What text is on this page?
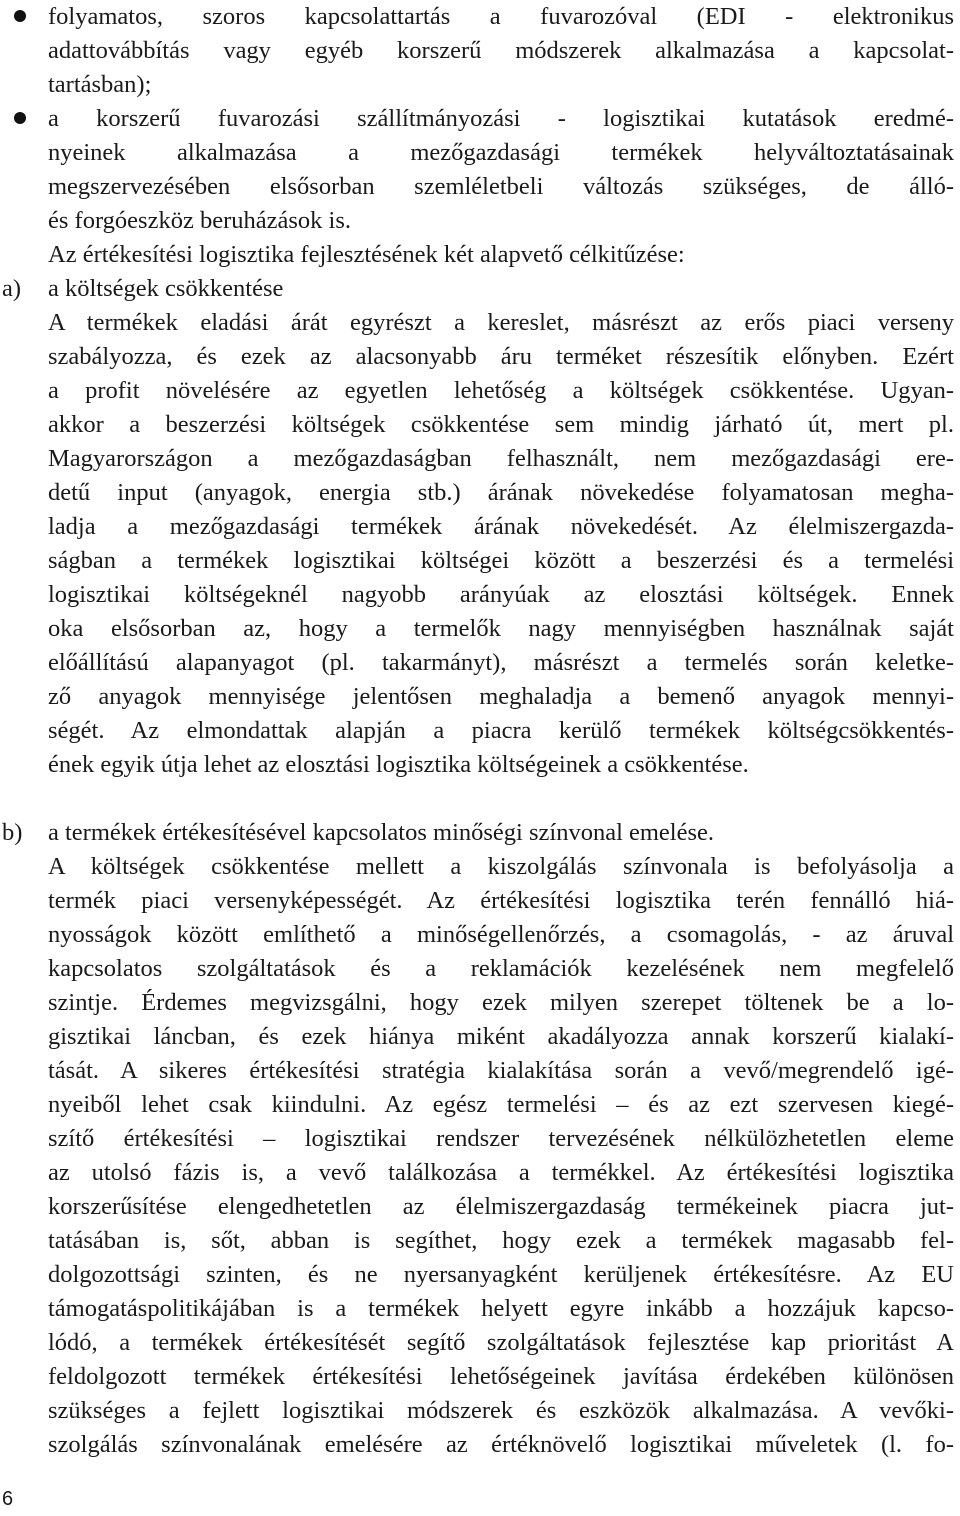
folyamatos, szoros kapcsolattartás a fuvarozóval (EDI - elektronikus
adattovábbítás vagy egyéb korszerű módszerek alkalmazása a kapcsolat-
tartásban);
a korszerű fuvarozási szállítmányozási - logisztikai kutatások eredmé-
nyeinek alkalmazása a mezőgazdasági termékek helyváltoztatásainak
megszervezésében elsősorban szemléletbeli változás szükséges, de álló-
és forgóeszköz beruházások is.
Az értékesítési logisztika fejlesztésének két alapvető célkitűzése:
a) a költségek csökkentése
A termékek eladási árát egyrészt a kereslet, másrészt az erős piaci verseny
szabályozza, és ezek az alacsonyabb áru terméket részesítik előnyben. Ezért
a profit növelésére az egyetlen lehetőség a költségek csökkentése. Ugyan-
akkor a beszerzési költségek csökkentése sem mindig járható út, mert pl.
Magyarországon a mezőgazdaságban felhasznált, nem mezőgazdasági ere-
detű input (anyagok, energia stb.) árának növekedése folyamatosan megha-
ladja a mezőgazdasági termékek árának növekedését. Az élelmiszergazda-
ságban a termékek logisztikai költségei között a beszerzési és a termelési
logisztikai költségeknél nagyobb arányúak az elosztási költségek. Ennek
oka elsősorban az, hogy a termelők nagy mennyiségben használnak saját
előállítású alapanyagot (pl. takarmányt), másrészt a termelés során keletke-
ző anyagok mennyisége jelentősen meghaladja a bemenő anyagok mennyi-
ségét. Az elmondattak alapján a piacra kerülő termékek költségcsökkentés-
ének egyik útja lehet az elosztási logisztika költségeinek a csökkentése.
b) a termékek értékesítésével kapcsolatos minőségi színvonal emelése.
A költségek csökkentése mellett a kiszolgálás színvonala is befolyásolja a
termék piaci versenyképességét. Az értékesítési logisztika terén fennálló hiá-
nyosságok között említhető a minőségellenőrzés, a csomagolás, - az áruval
kapcsolatos szolgáltatások és a reklamációk kezelésének nem megfelelő
szintje. Érdemes megvizsgálni, hogy ezek milyen szerepet töltenek be a lo-
gisztikai láncban, és ezek hiánya miként akadályozza annak korszerű kialakí-
tását. A sikeres értékesítési stratégia kialakítása során a vevő/megrendelő igé-
nyeiből lehet csak kiindulni. Az egész termelési – és az ezt szervesen kiegé-
szítő értékesítési – logisztikai rendszer tervezésének nélkülözhetetlen eleme
az utolsó fázis is, a vevő találkozása a termékkel. Az értékesítési logisztika
korszerűsítése elengedhetetlen az élelmiszergazdaság termékeinek piacra jut-
tatásában is, sőt, abban is segíthet, hogy ezek a termékek magasabb fel-
dolgozottsági szinten, és ne nyersanyagként kerüljenek értékesítésre. Az EU
támogatáspolitikájában is a termékek helyett egyre inkább a hozzájuk kapcso-
lódó, a termékek értékesítését segítő szolgáltatások fejlesztése kap prioritást A
feldolgozott termékek értékesítési lehetőségeinek javítása érdekében különösen
szükséges a fejlett logisztikai módszerek és eszközök alkalmazása. A vevőki-
szolgálás színvonalának emelésére az értéknövelő logisztikai műveletek (l. fo-
6
